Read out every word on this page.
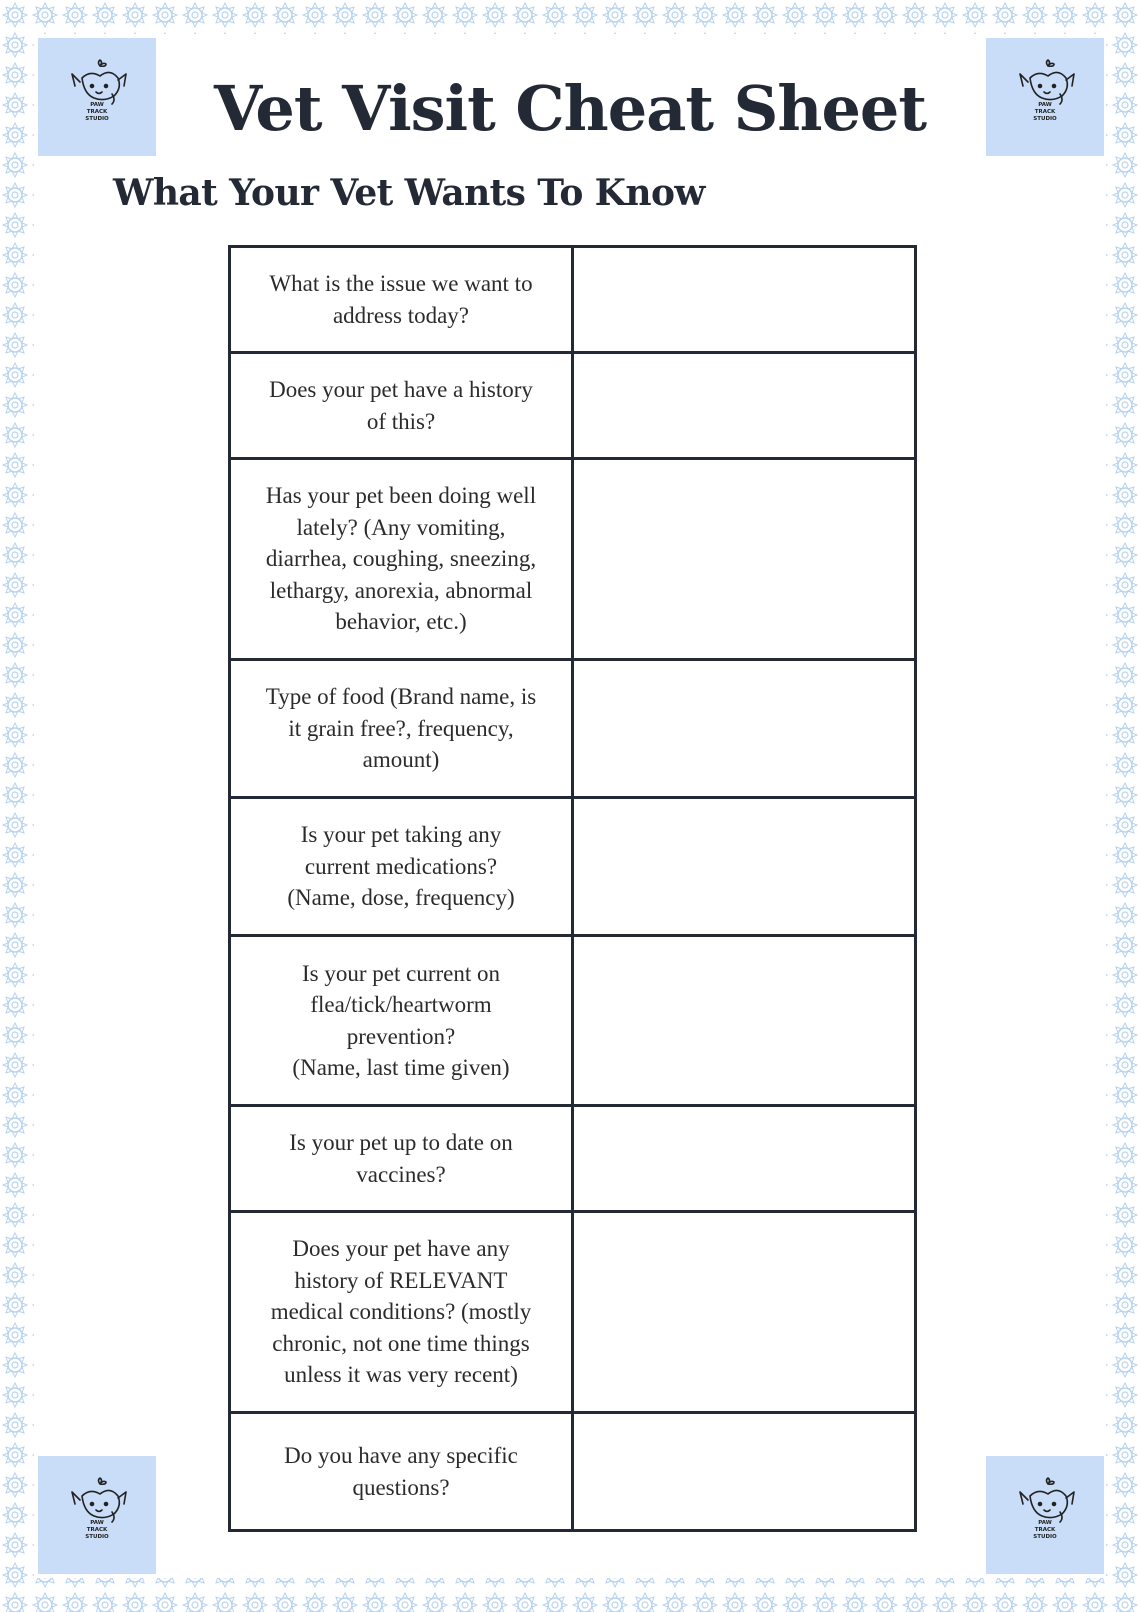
PAW
TRACK
STUDIO
PAW
TRACK
STUDIO
PAW
TRACK
STUDIO
PAW
TRACK
STUDIO
Vet Visit Cheat Sheet
What Your Vet Wants To Know
What is the issue we want to
address today?	

Does your pet have a history
of this?	

Has your pet been doing well
lately? (Any vomiting,
diarrhea, coughing, sneezing,
lethargy, anorexia, abnormal
behavior, etc.)	

Type of food (Brand name, is
it grain free?, frequency,
amount)	

Is your pet taking any
current medications?
(Name, dose, frequency)	

Is your pet current on
flea/tick/heartworm
prevention?
(Name, last time given)	

Is your pet up to date on
vaccines?	

Does your pet have any
history of RELEVANT
medical conditions? (mostly
chronic, not one time things
unless it was very recent)	

Do you have any specific
questions?	
